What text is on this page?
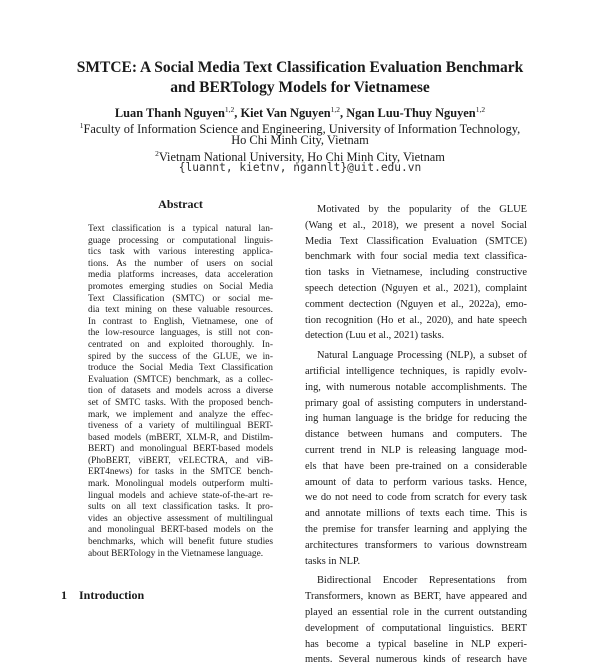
SMTCE: A Social Media Text Classification Evaluation Benchmark
and BERTology Models for Vietnamese
Luan Thanh Nguyen$^{1,2}$, Kiet Van Nguyen$^{1,2}$, Ngan Luu-Thuy Nguyen$^{1,2}$
$^1$Faculty of Information Science and Engineering, University of Information Technology,
Ho Chi Minh City, Vietnam
$^2$Vietnam National University, Ho Chi Minh City, Vietnam
{luannt, kietnv, ngannlt}@uit.edu.vn
Abstract
Text classification is a typical natural lan-
guage processing or computational linguis-
tics task with various interesting applica-
tions. As the number of users on social
media platforms increases, data acceleration
promotes emerging studies on Social Media
Text Classification (SMTC) or social me-
dia text mining on these valuable resources.
In contrast to English, Vietnamese, one of
the low-resource languages, is still not con-
centrated on and exploited thoroughly. In-
spired by the success of the GLUE, we in-
troduce the Social Media Text Classification
Evaluation (SMTCE) benchmark, as a collec-
tion of datasets and models across a diverse
set of SMTC tasks. With the proposed bench-
mark, we implement and analyze the effec-
tiveness of a variety of multilingual BERT-
based models (mBERT, XLM-R, and Distilm-
BERT) and monolingual BERT-based models
(PhoBERT, viBERT, vELECTRA, and viB-
ERT4news) for tasks in the SMTCE bench-
mark. Monolingual models outperform multi-
lingual models and achieve state-of-the-art re-
sults on all text classification tasks. It pro-
vides an objective assessment of multilingual
and monolingual BERT-based models on the
benchmarks, which will benefit future studies
about BERTology in the Vietnamese language.
1 Introduction
Motivated by the popularity of the GLUE
(Wang et al., 2018), we present a novel Social
Media Text Classification Evaluation (SMTCE)
benchmark with four social media text classifica-
tion tasks in Vietnamese, including constructive
speech detection (Nguyen et al., 2021), complaint
comment dectection (Nguyen et al., 2022a), emo-
tion recognition (Ho et al., 2020), and hate speech
detection (Luu et al., 2021) tasks.
Natural Language Processing (NLP), a subset of
artificial intelligence techniques, is rapidly evolv-
ing, with numerous notable accomplishments. The
primary goal of assisting computers in understand-
ing human language is the bridge for reducing the
distance between humans and computers. The
current trend in NLP is releasing language mod-
els that have been pre-trained on a considerable
amount of data to perform various tasks. Hence,
we do not need to code from scratch for every task
and annotate millions of texts each time. This is
the premise for transfer learning and applying the
architectures transformers to various downstream
tasks in NLP.
Bidirectional Encoder Representations from
Transformers, known as BERT, have appeared and
played an essential role in the current outstanding
development of computational linguistics. BERT
has become a typical baseline in NLP experi-
ments. Several numerous kinds of research have
